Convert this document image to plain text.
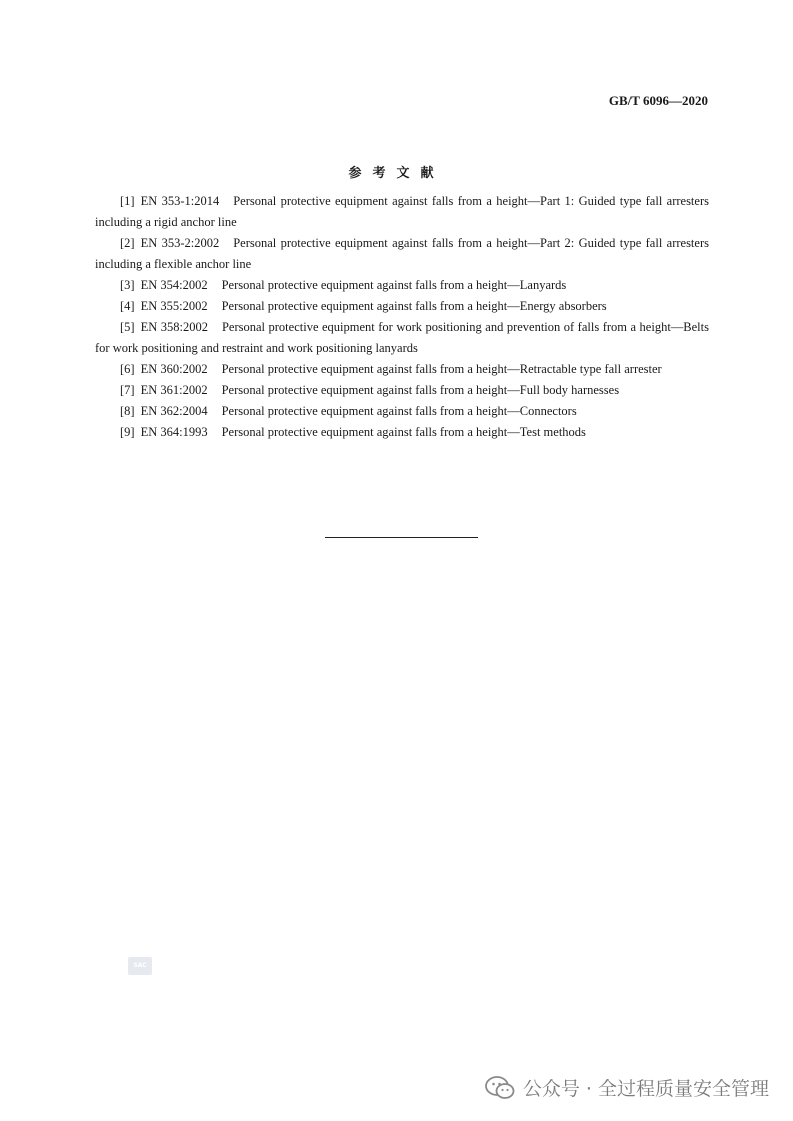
GB/T 6096—2020
参考文献

[1] EN 353-1:2014 Personal protective equipment against falls from a height—Part 1: Guided type fall arresters including a rigid anchor line

[2] EN 353-2:2002 Personal protective equipment against falls from a height—Part 2: Guided type fall arresters including a flexible anchor line

[3] EN 354:2002 Personal protective equipment against falls from a height—Lanyards

[4] EN 355:2002 Personal protective equipment against falls from a height—Energy absorbers

[5] EN 358:2002 Personal protective equipment for work positioning and prevention of falls from a height—Belts for work positioning and restraint and work positioning lanyards

[6] EN 360:2002 Personal protective equipment against falls from a height—Retractable type fall arrester

[7] EN 361:2002 Personal protective equipment against falls from a height—Full body harnesses

[8] EN 362:2004 Personal protective equipment against falls from a height—Connectors

[9] EN 364:1993 Personal protective equipment against falls from a height—Test methods

SAC
公众号 · 全过程质量安全管理
